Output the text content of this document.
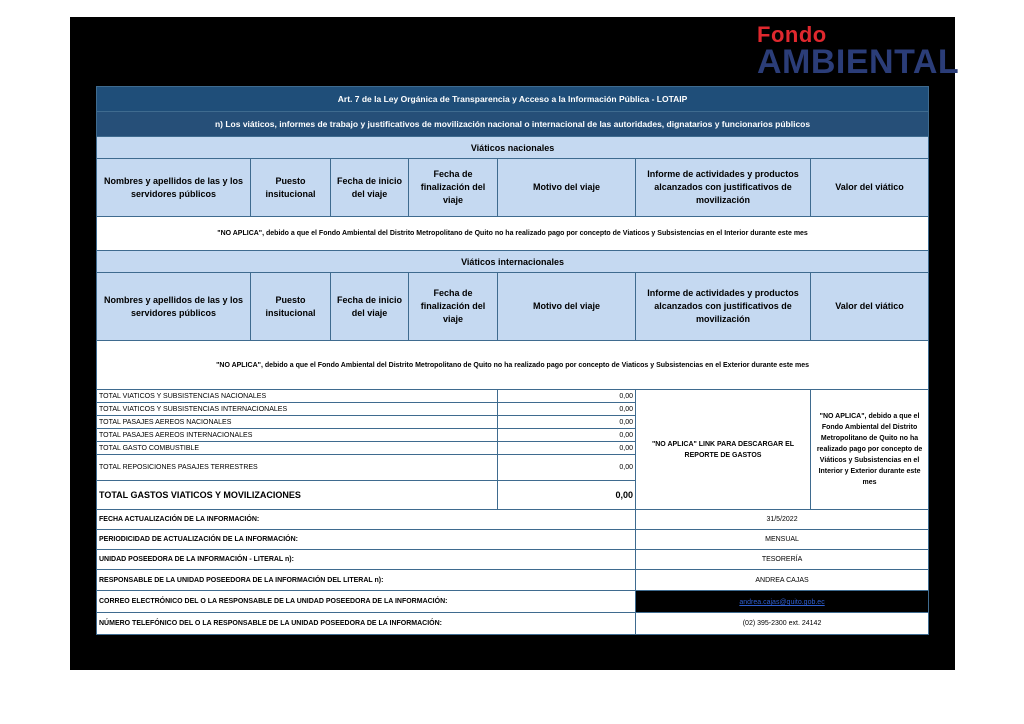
Fondo
AMBIENTAL
Art. 7 de la Ley Orgánica de Transparencia y Acceso a la Información Pública - LOTAIP						
n) Los viáticos, informes de trabajo y justificativos de movilización nacional o internacional de las autoridades, dignatarios y funcionarios públicos						
Viáticos nacionales						
Nombres y apellidos de las y los servidores públicos	Puesto insitucional	Fecha de inicio del viaje	Fecha de finalización del viaje	Motivo del viaje	Informe de actividades y productos alcanzados con justificativos de movilización	Valor del viático
"NO APLICA", debido a que el Fondo Ambiental del Distrito Metropolitano de Quito no ha realizado pago por concepto de Viaticos y Subsistencias en el Interior durante este mes						
Viáticos internacionales						
Nombres y apellidos de las y los servidores públicos	Puesto insitucional	Fecha de inicio del viaje	Fecha de finalización del viaje	Motivo del viaje	Informe de actividades y productos alcanzados con justificativos de movilización	Valor del viático
"NO APLICA", debido a que el Fondo Ambiental del Distrito Metropolitano de Quito no ha realizado pago por concepto de Viaticos y Subsistencias en el Exterior durante este mes						
TOTAL VIATICOS Y SUBSISTENCIAS NACIONALES				0,00	"NO APLICA" LINK PARA DESCARGAR EL REPORTE DE GASTOS	"NO APLICA", debido a que el Fondo Ambiental del Distrito Metropolitano de Quito no ha realizado pago por concepto de Viáticos y Subsistencias en el Interior y Exterior durante este mes
TOTAL VIATICOS Y SUBSISTENCIAS INTERNACIONALES				0,00		
TOTAL PASAJES AEREOS NACIONALES				0,00		
TOTAL PASAJES AEREOS INTERNACIONALES				0,00		
TOTAL GASTO COMBUSTIBLE				0,00		
TOTAL REPOSICIONES PASAJES TERRESTRES				0,00		
TOTAL GASTOS VIATICOS Y MOVILIZACIONES				0,00		
FECHA ACTUALIZACIÓN DE LA INFORMACIÓN:					31/5/2022	
PERIODICIDAD DE ACTUALIZACIÓN DE LA INFORMACIÓN:					MENSUAL	
UNIDAD POSEEDORA DE LA INFORMACIÓN - LITERAL n):					TESORERÍA	
RESPONSABLE DE LA UNIDAD POSEEDORA DE LA INFORMACIÓN DEL LITERAL n):					ANDREA CAJAS	
CORREO ELECTRÓNICO DEL O LA RESPONSABLE DE LA UNIDAD POSEEDORA DE LA INFORMACIÓN:					andrea.cajas@quito.gob.ec	
NÚMERO TELEFÓNICO DEL O LA RESPONSABLE DE LA UNIDAD POSEEDORA DE LA INFORMACIÓN:					(02) 395-2300 ext. 24142	
